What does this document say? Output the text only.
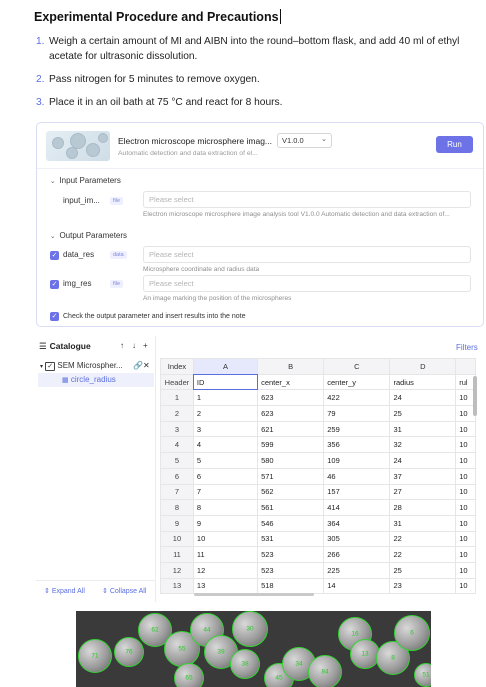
Experimental Procedure and Precautions
1. Weigh a certain amount of MI and AIBN into the round–bottom flask, and add 40 ml of ethyl acetate for ultrasonic dissolution.
2. Pass nitrogen for 5 minutes to remove oxygen.
3. Place it in an oil bath at 75 °C and react for 8 hours.
Electron microscope microsphere imag...
Automatic detection and data extraction of el...
V1.0.0 ⌄
Run
⌄ Input Parameters
input_im...	file	Please select
Electron microscope microsphere image analysis tool V1.0.0 Automatic detection and data extraction of...
⌄ Output Parameters
✓ data_res	data	Please select
Microsphere coordinate and radius data
✓ img_res	file	Please select
An image marking the position of the microspheres
✓ Check the output parameter and insert results into the note
☰ Catalogue	↑ ↓ +
▾ ✓ SEM Microspher... 🔗 ✕
▦ circle_radius
⇕ Expand All ⇕ Collapse All
Filters
Index	A	B	C	D	
Header	ID	center_x	center_y	radius	rul
1	1	623	422	24	10
2	2	623	79	25	10
3	3	621	259	31	10
4	4	599	356	32	10
5	5	580	109	24	10
6	6	571	46	37	10
7	7	562	157	27	10
8	8	561	414	28	10
9	9	546	364	31	10
10	10	531	305	22	10
11	11	523	266	22	10
12	12	523	225	25	10
13	13	518	14	23	10
71
76
62
55
44
39
30
38
45
34
84
16
13
8
6
51
65
